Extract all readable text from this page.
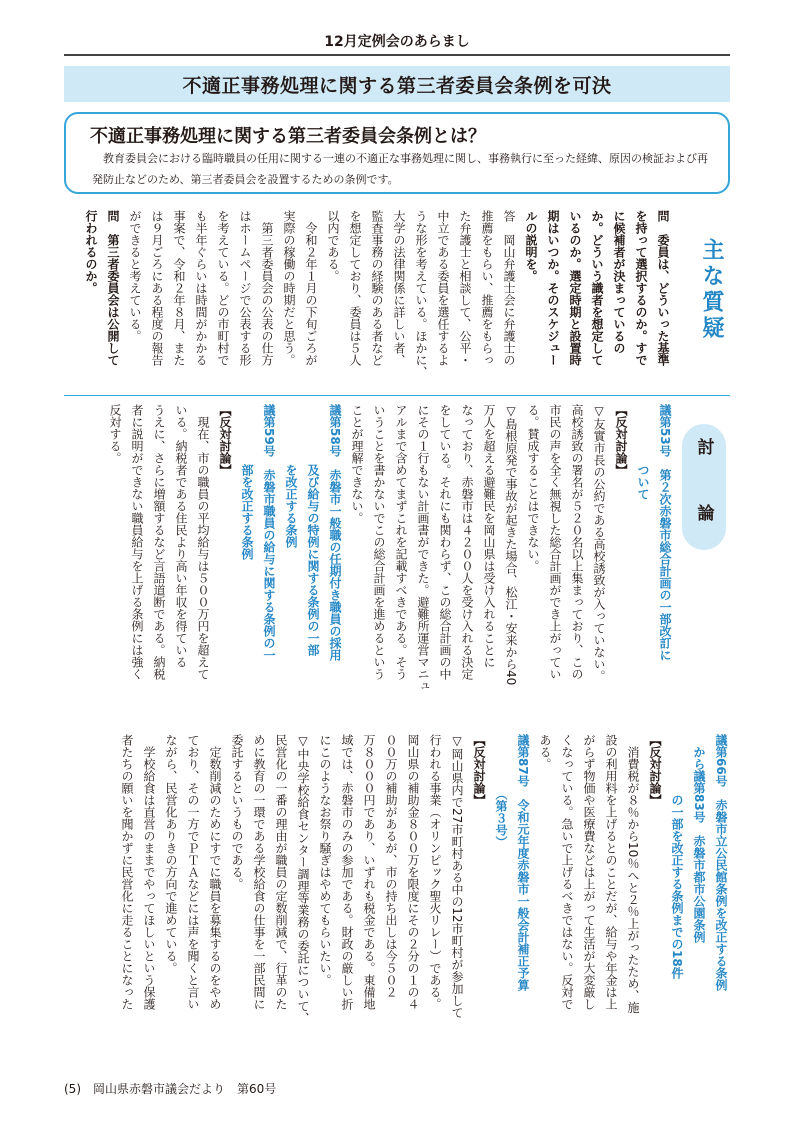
12月定例会のあらまし
不適正事務処理に関する第三者委員会条例を可決
不適正事務処理に関する第三者委員会条例とは？
教育委員会における臨時職員の任用に関する一連の不適正な事務処理に関し、事務執行に至った経緯、原因の検証および再発防止などのため、第三者委員会を設置するための条例です。
主な質疑
問　委員は、どういった基準
を持って選択するのか。すで
に候補者が決まっているの
か。どういう識者を想定して
いるのか。選定時期と設置時
期はいつか。そのスケジュー
ルの説明を。
答　岡山弁護士会に弁護士の
推薦をもらい、推薦をもらっ
た弁護士と相談して、公平・
中立である委員を選任するよ
うな形を考えている。ほかに、
大学の法律関係に詳しい者、
監査事務の経験のある者など
を想定しており、委員は５人
以内である。
　令和２年１月の下旬ごろが
実際の稼働の時期だと思う。
　第三者委員会の公表の仕方
はホームページで公表する形
を考えている。どの市町村で
も半年ぐらいは時間がかかる
事案で、令和２年８月、また
は９月ごろにある程度の報告
ができると考えている。
問　第三者委員会は公開して
行われるのか。
討　論
議第53号　第２次赤磐市総合計画の一部改訂に
　　　　　ついて
【反対討論】
▽友實市長の公約である高校誘致が入っていない。
高校誘致の署名が５２０名以上集まっており、この
市民の声を全く無視した総合計画ができ上がってい
る。賛成することはできない。
▽島根原発で事故が起きた場合、松江・安来から40
万人を超える避難民を岡山県は受け入れることに
なっており、赤磐市は４２００人を受け入れる決定
をしている。それにも関わらず、この総合計画の中
にその１行もない計画書ができた。避難所運営マニュ
アルまで含めてまずこれを記載すべきである。そう
いうことを書かないでこの総合計画を進めるという
ことが理解できない。
議第58号　赤磐市一般職の任期付き職員の採用
　　　　　及び給与の特例に関する条例の一部
　　　　　を改正する条例
議第59号　赤磐市職員の給与に関する条例の一
　　　　　部を改正する条例
【反対討論】
　現在、市の職員の平均給与は５００万円を超えて
いる。納税者である住民より高い年収を得ている
うえに、さらに増額するなど言語道断である。納税
者に説明ができない職員給与を上げる条例には強く
反対する。
議第66号　赤磐市立公民館条例を改正する条例
　から議第83号　赤磐市都市公園条例
　　　　　の一部を改正する条例までの18件
【反対討論】
　消費税が８％から10％へと２％上がったため、施
設の利用料を上げるとのことだが、給与や年金は上
がらず物価や医療費などは上がって生活が大変厳し
くなっている。急いで上げるべきではない。反対で
ある。
議第87号　令和元年度赤磐市一般会計補正予算
　　　　　（第３号）
【反対討論】
▽岡山県内で27市町村ある中の12市町村が参加して
行われる事業（オリンピック聖火リレー）である。
岡山県の補助金８００万を限度にその２分の１の４
００万の補助があるが、市の持ち出しは今５０２
万８０００円であり、いずれも税金である。東備地
域では、赤磐市のみの参加である。財政の厳しい折
にこのようなお祭り騒ぎはやめてもらいたい。
▽中央学校給食センター調理等業務の委託について、
民営化の一番の理由が職員の定数削減で、行革のた
めに教育の一環である学校給食の仕事を一部民間に
委託するというものである。
　定数削減のためにすでに職員を募集するのをやめ
ており、その一方でＰＴＡなどには声を聞くと言い
ながら、民営化ありきの方向で進めている。
　学校給食は直営のままでやってほしいという保護
者たちの願いを聞かずに民営化に走ることになった
(5)　岡山県赤磐市議会だより　第60号
